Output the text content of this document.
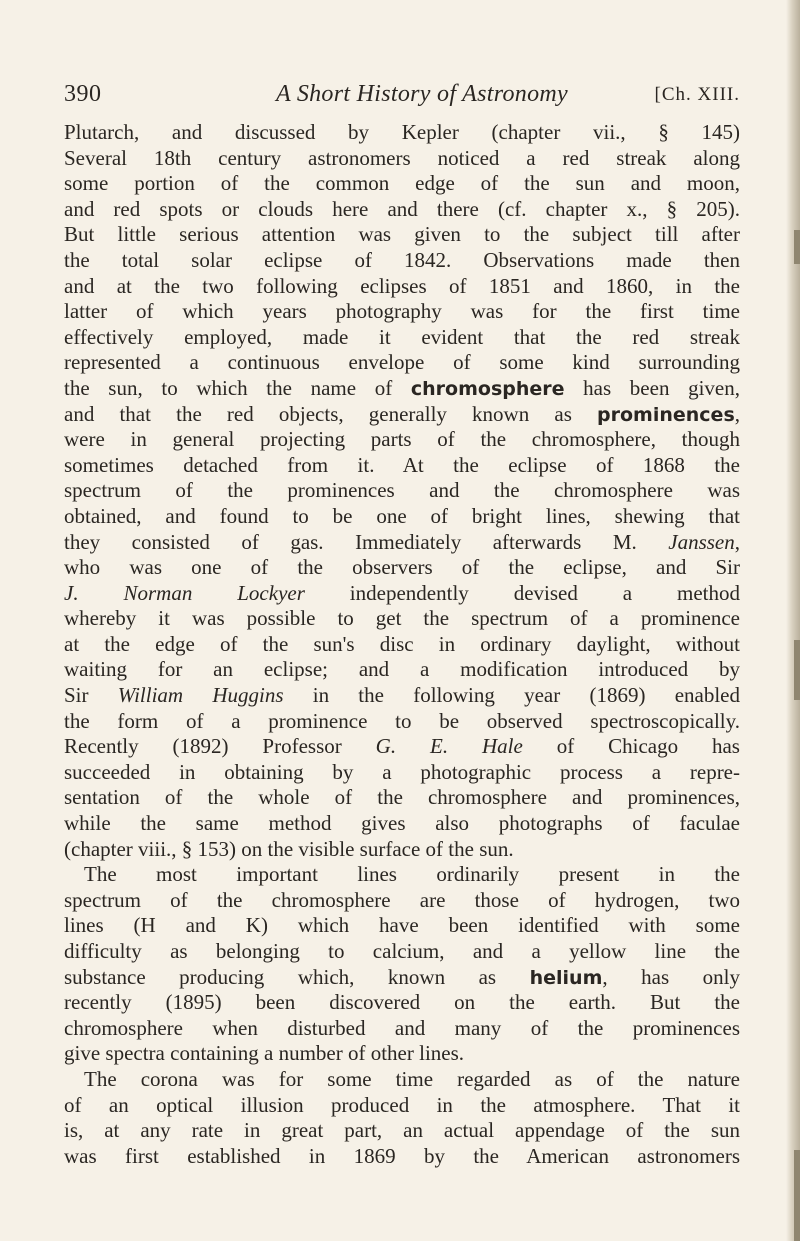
390	A Short History of Astronomy	[Ch. XIII.
Plutarch, and discussed by Kepler (chapter vii., § 145)
Several 18th century astronomers noticed a red streak along
some portion of the common edge of the sun and moon,
and red spots or clouds here and there (cf. chapter x., § 205).
But little serious attention was given to the subject till after
the total solar eclipse of 1842. Observations made then
and at the two following eclipses of 1851 and 1860, in the
latter of which years photography was for the first time
effectively employed, made it evident that the red streak
represented a continuous envelope of some kind surrounding
the sun, to which the name of chromosphere has been given,
and that the red objects, generally known as prominences,
were in general projecting parts of the chromosphere, though
sometimes detached from it. At the eclipse of 1868 the
spectrum of the prominences and the chromosphere was
obtained, and found to be one of bright lines, shewing that
they consisted of gas. Immediately afterwards M. Janssen,
who was one of the observers of the eclipse, and Sir
J. Norman Lockyer independently devised a method
whereby it was possible to get the spectrum of a prominence
at the edge of the sun's disc in ordinary daylight, without
waiting for an eclipse; and a modification introduced by
Sir William Huggins in the following year (1869) enabled
the form of a prominence to be observed spectroscopically.
Recently (1892) Professor G. E. Hale of Chicago has
succeeded in obtaining by a photographic process a repre-
sentation of the whole of the chromosphere and prominences,
while the same method gives also photographs of faculae
(chapter viii., § 153) on the visible surface of the sun.
The most important lines ordinarily present in the
spectrum of the chromosphere are those of hydrogen, two
lines (H and K) which have been identified with some
difficulty as belonging to calcium, and a yellow line the
substance producing which, known as helium, has only
recently (1895) been discovered on the earth. But the
chromosphere when disturbed and many of the prominences
give spectra containing a number of other lines.
The corona was for some time regarded as of the nature
of an optical illusion produced in the atmosphere. That it
is, at any rate in great part, an actual appendage of the sun
was first established in 1869 by the American astronomers
